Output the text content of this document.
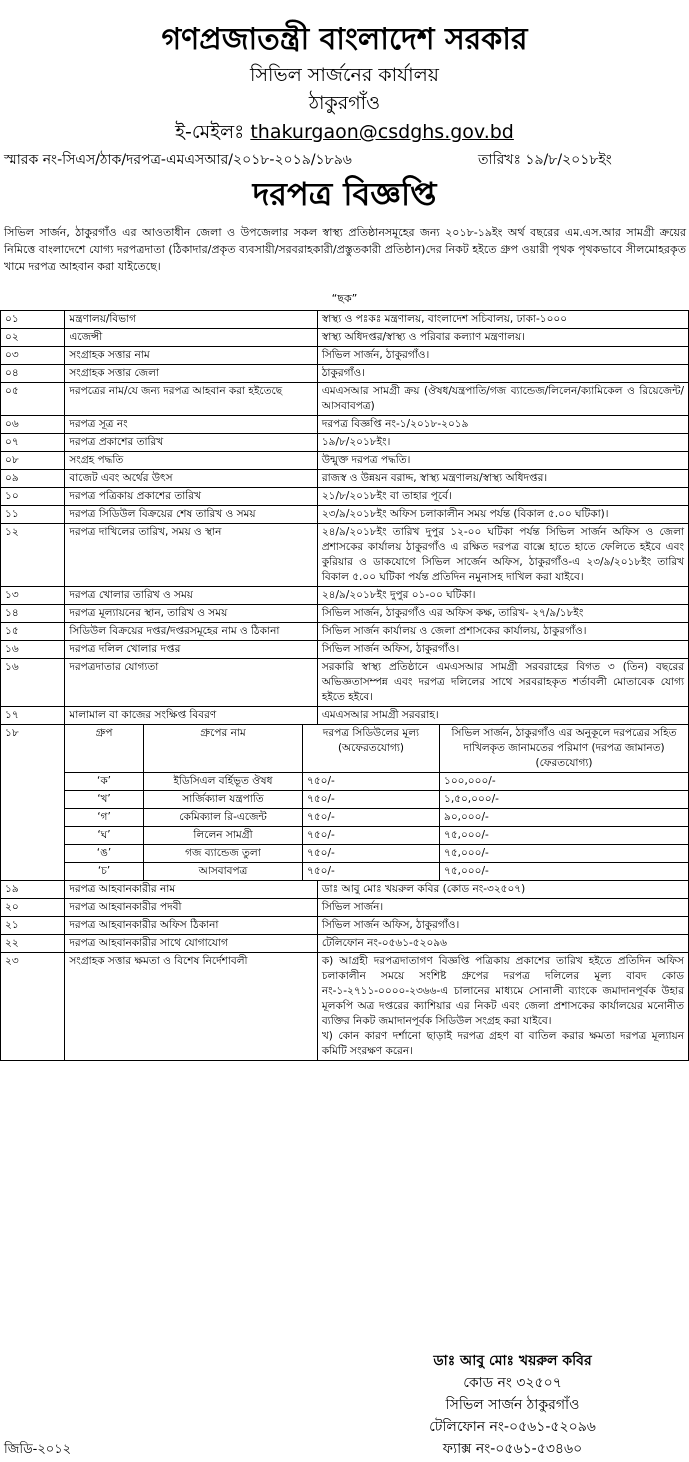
গণপ্রজাতন্ত্রী বাংলাদেশ সরকার
সিভিল সার্জনের কার্যালয়
ঠাকুরগাঁও
ই-মেইলঃ thakurgaon@csdghs.gov.bd
স্মারক নং-সিএস/ঠাক/দরপত্র-এমএসআর/২০১৮-২০১৯/১৮৯৬	তারিখঃ ১৯/৮/২০১৮ইং
দরপত্র বিজ্ঞপ্তি
সিভিল সার্জন, ঠাকুরগাঁও এর আওতাধীন জেলা ও উপজেলার সকল স্বাস্থ্য প্রতিষ্ঠানসমূহের জন্য ২০১৮-১৯ইং অর্থ বছরের এম.এস.আর সামগ্রী ক্রয়ের নিমিত্তে বাংলাদেশে যোগ্য দরপত্রদাতা (ঠিকাদার/প্রকৃত ব্যবসায়ী/সরবরাহকারী/প্রস্তুতকারী প্রতিষ্ঠান)দের নিকট হইতে গ্রুপ ওয়ারী পৃথক পৃথকভাবে সীলমোহরকৃত খামে দরপত্র আহবান করা যাইতেছে।
“ছক”
০১	মন্ত্রণালয়/বিভাগ	স্বাস্থ্য ও পঃকঃ মন্ত্রণালয়, বাংলাদেশ সচিবালয়, ঢাকা-১০০০
০২	এজেন্সী	স্বাস্থ্য অধিদপ্তর/স্বাস্থ্য ও পরিবার কল্যাণ মন্ত্রণালয়।
০৩	সংগ্রাহক সত্তার নাম	সিভিল সার্জন, ঠাকুরগাঁও।
০৪	সংগ্রাহক সত্তার জেলা	ঠাকুরগাঁও।
০৫	দরপত্রের নাম/যে জন্য দরপত্র আহবান করা হইতেছে	এমএসআর সামগ্রী ক্রয় (ঔষধ/যন্ত্রপাতি/গজ ব্যান্ডেজ/লিলেন/ক্যামিকেল ও রিয়েজেন্ট/আসবাবপত্র)
০৬	দরপত্র সূত্র নং	দরপত্র বিজ্ঞপ্তি নং-১/২০১৮-২০১৯
০৭	দরপত্র প্রকাশের তারিখ	১৯/৮/২০১৮ইং।
০৮	সংগ্রহ পদ্ধতি	উন্মুক্ত দরপত্র পদ্ধতি।
০৯	বাজেট এবং অর্থের উৎস	রাজস্ব ও উন্নয়ন বরাদ্দ, স্বাস্থ্য মন্ত্রণালয়/স্বাস্থ্য অধিদপ্তর।
১০	দরপত্র পত্রিকায় প্রকাশের তারিখ	২১/৮/২০১৮ইং বা তাহার পূর্বে।
১১	দরপত্র সিডিউল বিক্রয়ের শেষ তারিখ ও সময়	২৩/৯/২০১৮ইং অফিস চলাকালীন সময় পর্যন্ত (বিকাল ৫.০০ ঘটিকা)।
১২	দরপত্র দাখিলের তারিখ, সময় ও স্থান	২৪/৯/২০১৮ইং তারিখ দুপুর ১২-০০ ঘটিকা পর্যন্ত সিভিল সার্জন অফিস ও জেলা প্রশাসকের কার্যালয় ঠাকুরগাঁও এ রক্ষিত দরপত্র বাক্সে হাতে হাতে ফেলিতে হইবে এবং কুরিয়ার ও ডাকযোগে সিভিল সার্জেন অফিস, ঠাকুরগাঁও-এ ২৩/৯/২০১৮ইং তারিখ বিকাল ৫.০০ ঘটিকা পর্যন্ত প্রতিদিন নমুনাসহ দাখিল করা যাইবে।
১৩	দরপত্র খোলার তারিখ ও সময়	২৪/৯/২০১৮ইং দুপুর ০১-০০ ঘটিকা।
১৪	দরপত্র মূল্যায়নের স্থান, তারিখ ও সময়	সিভিল সার্জন, ঠাকুরগাঁও এর অফিস কক্ষ, তারিখ- ২৭/৯/১৮ইং
১৫	সিডিউল বিক্রয়ের দপ্তর/দপ্তরসমূহের নাম ও ঠিকানা	সিভিল সার্জন কার্যালয় ও জেলা প্রশাসকের কার্যালয়, ঠাকুরগাঁও।
১৬	দরপত্র দলিল খোলার দপ্তর	সিভিল সার্জন অফিস, ঠাকুরগাঁও।
১৬	দরপত্রদাতার যোগ্যতা	সরকারি স্বাস্থ্য প্রতিষ্ঠানে এমএসআর সামগ্রী সরবরাহের বিগত ৩ (তিন) বছরের অভিজ্ঞতাসম্পন্ন এবং দরপত্র দলিলের সাথে সরবরাহকৃত শর্তাবলী মোতাবেক যোগ্য হইতে হইবে।
১৭	মালামাল বা কাজের সংক্ষিপ্ত বিবরণ	এমএসআর সামগ্রী সরবরাহ।
১৮	গ্রুপ	গ্রুপের নাম	দরপত্র সিডিউলের মূল্য (অফেরতযোগ্য)	সিভিল সার্জন, ঠাকুরগাঁও এর অনুকূলে দরপত্রের সহিত দাখিলকৃত জানামতের পরিমাণ (দরপত্র জামানত) (ফেরতযোগ্য)
	‘ক’	ইডিসিএল বর্হিভূত ঔষধ	৭৫০/-	১০০,০০০/-
	‘খ’	সার্জিক্যাল যন্ত্রপাতি	৭৫০/-	১,৫০,০০০/-
	‘গ’	কেমিক্যাল রি-এজেন্ট	৭৫০/-	৯০,০০০/-
	‘ঘ’	লিলেন সামগ্রী	৭৫০/-	৭৫,০০০/-
	‘ঙ’	গজ ব্যান্ডেজ তুলা	৭৫০/-	৭৫,০০০/-
	‘চ’	আসবাবপত্র	৭৫০/-	৭৫,০০০/-
১৯	দরপত্র আহবানকারীর নাম	ডাঃ আবু মোঃ খয়রুল কবির (কোড নং-৩২৫০৭)
২০	দরপত্র আহবানকারীর পদবী	সিভিল সার্জন।
২১	দরপত্র আহবানকারীর অফিস ঠিকানা	সিভিল সার্জন অফিস, ঠাকুরগাঁও।
২২	দরপত্র আহবানকারীর সাথে যোগাযোগ	টেলিফোন নং-০৫৬১-৫২০৯৬
২৩	সংগ্রাহক সত্তার ক্ষমতা ও বিশেষ নির্দেশাবলী	ক) আগ্রহী দরপত্রদাতাগণ বিজ্ঞপ্তি পত্রিকায় প্রকাশের তারিখ হইতে প্রতিদিন অফিস চলাকালীন সময়ে সংশিষ্ট গ্রুপের দরপত্র দলিলের মূল্য বাবদ কোড নং-১-২৭১১-০০০০-২৩৬৬-এ চালানের মাধ্যমে সোনালী ব্যাংকে জমাদানপূর্বক উহার মূলকপি অত্র দপ্তরের ক্যাশিয়ার এর নিকট এবং জেলা প্রশাসকের কার্যালয়ের মনোনীত ব্যক্তির নিকট জমাদানপূর্বক সিডিউল সংগ্রহ করা যাইবে।
খ) কোন কারণ দর্শানো ছাড়াই দরপত্র গ্রহণ বা বাতিল করার ক্ষমতা দরপত্র মূল্যায়ন কমিটি সংরক্ষণ করেন।
ডাঃ আবু মোঃ খয়রুল কবির
কোড নং ৩২৫০৭
সিভিল সার্জন ঠাকুরগাঁও
টেলিফোন নং-০৫৬১-৫২০৯৬
ফ্যাক্স নং-০৫৬১-৫৩৪৬০
জিডি-২০১২
